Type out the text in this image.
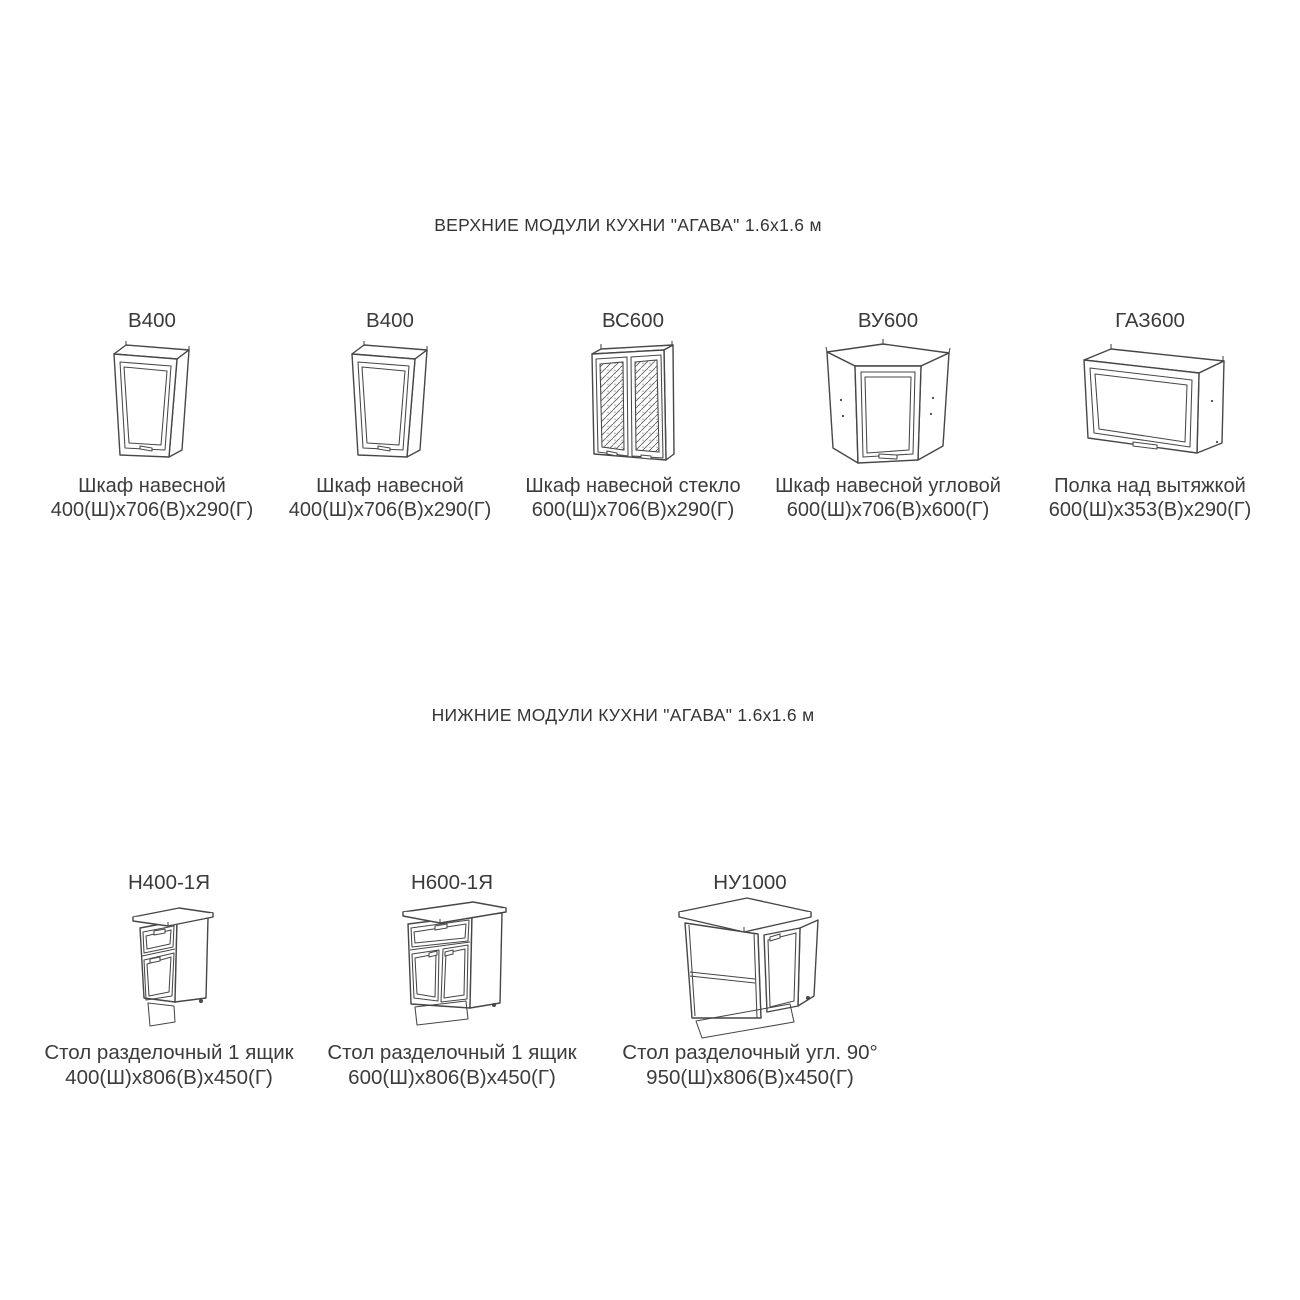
ВЕРХНИЕ МОДУЛИ КУХНИ "АГАВА" 1.6х1.6 м
В400
Шкаф навесной
400(Ш)х706(В)х290(Г)
В400
Шкаф навесной
400(Ш)х706(В)х290(Г)
ВС600
Шкаф навесной стекло
600(Ш)х706(В)х290(Г)
ВУ600
Шкаф навесной угловой
600(Ш)х706(В)х600(Г)
ГАЗ600
Полка над вытяжкой
600(Ш)х353(В)х290(Г)
НИЖНИЕ МОДУЛИ КУХНИ "АГАВА" 1.6х1.6 м
Н400-1Я
Стол разделочный 1 ящик
400(Ш)х806(В)х450(Г)
Н600-1Я
Стол разделочный 1 ящик
600(Ш)х806(В)х450(Г)
НУ1000
Стол разделочный угл. 90°
950(Ш)х806(В)х450(Г)
